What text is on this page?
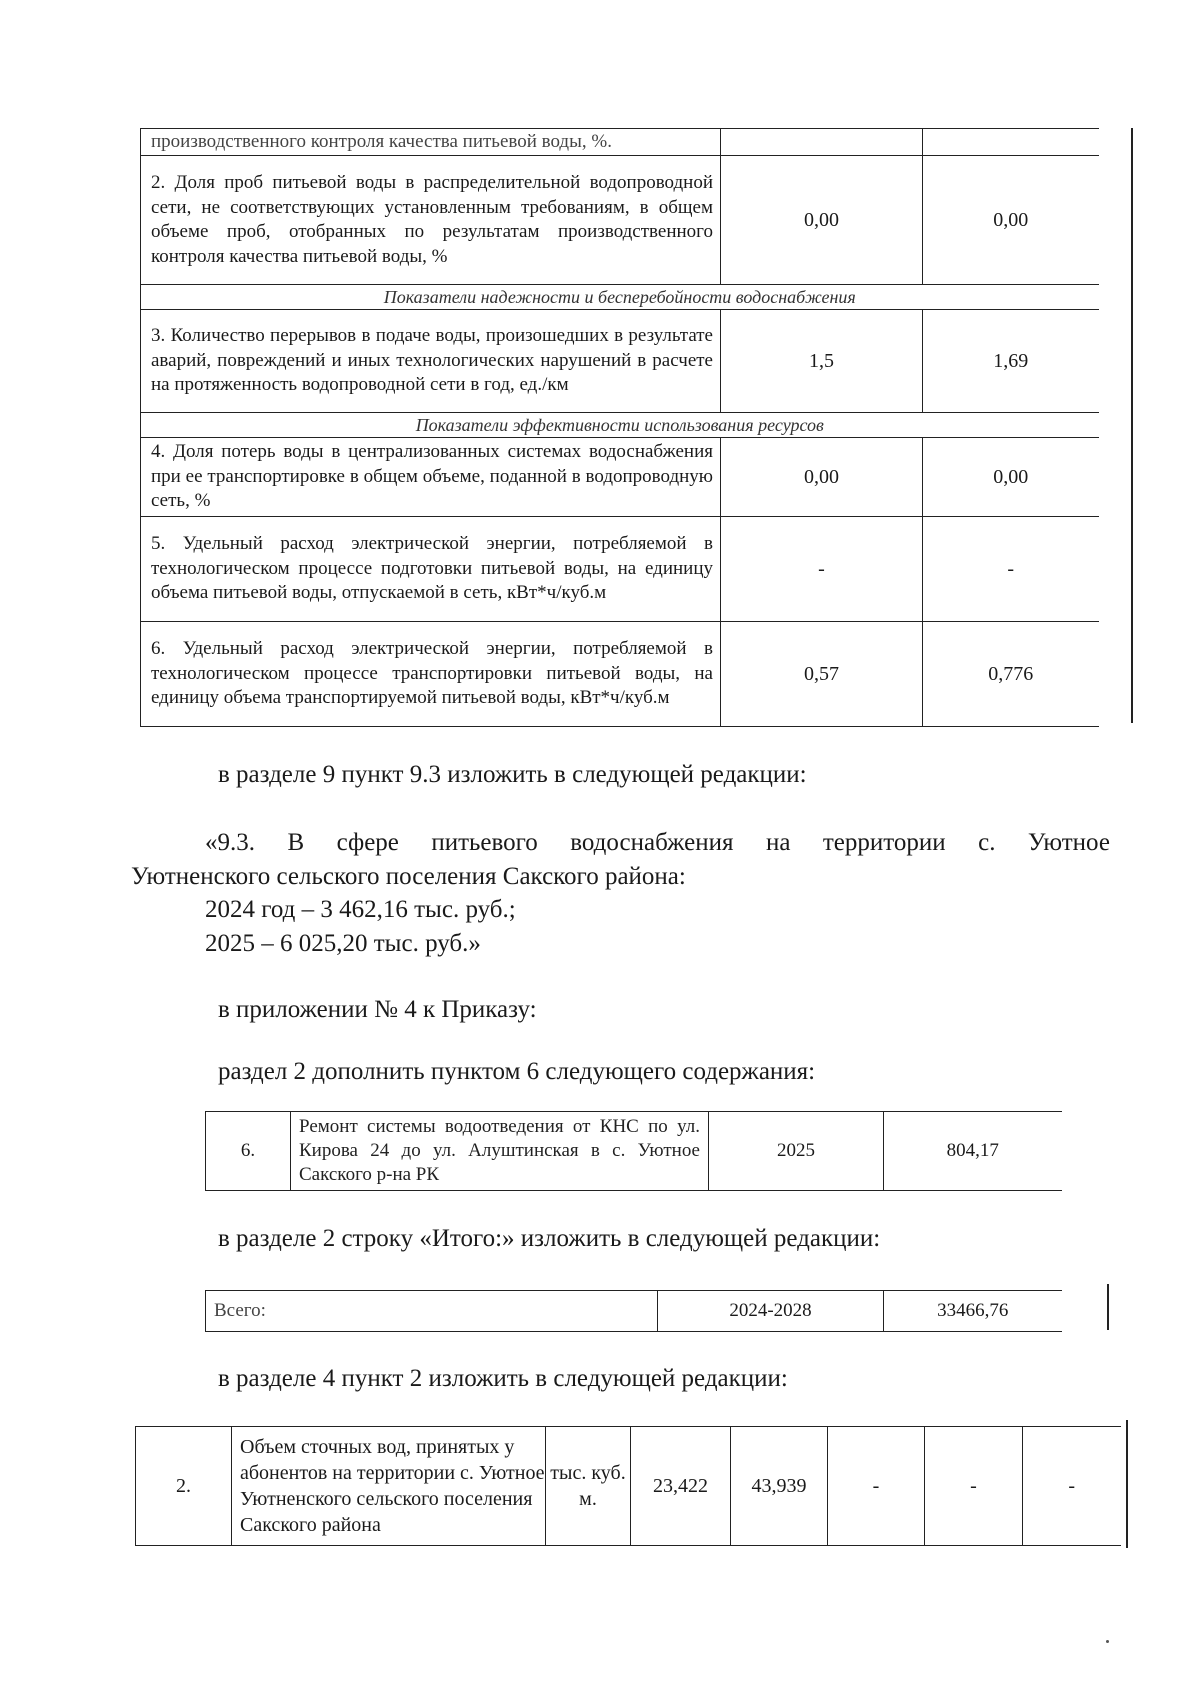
производственного контроля качества питьевой воды, %.		
2. Доля проб питьевой воды в распределительной водопроводной сети, не соответствующих установленным требованиям, в общем объеме проб, отобранных по результатам производственного контроля качества питьевой воды, %	0,00	0,00
Показатели надежности и бесперебойности водоснабжения		
3. Количество перерывов в подаче воды, произошедших в результате аварий, повреждений и иных технологических нарушений в расчете на протяженность водопроводной сети в год, ед./км	1,5	1,69
Показатели эффективности использования ресурсов		
4. Доля потерь воды в централизованных системах водоснабжения при ее транспортировке в общем объеме, поданной в водопроводную сеть, %	0,00	0,00
5. Удельный расход электрической энергии, потребляемой в технологическом процессе подготовки питьевой воды, на единицу объема питьевой воды, отпускаемой в сеть, кВт*ч/куб.м	-	-
6. Удельный расход электрической энергии, потребляемой в технологическом процессе транспортировки питьевой воды, на единицу объема транспортируемой питьевой воды, кВт*ч/куб.м	0,57	0,776
в разделе 9 пункт 9.3 изложить в следующей редакции:
«9.3. В сфере питьевого водоснабжения на территории с. Уютное
Уютненского сельского поселения Сакского района:
2024 год – 3 462,16 тыс. руб.;
2025 – 6 025,20 тыс. руб.»
в приложении № 4 к Приказу:
раздел 2 дополнить пунктом 6 следующего содержания:
6.	Ремонт системы водоотведения от КНС по ул. Кирова 24 до ул. Алуштинская в с. Уютное Сакского р-на РК	2025	804,17
в разделе 2 строку «Итого:» изложить в следующей редакции:
Всего:	2024-2028	33466,76
в разделе 4 пункт 2 изложить в следующей редакции:
2.	Объем сточных вод, принятых у абонентов на территории с. Уютное Уютненского сельского поселения Сакского района	тыс. куб. м.	23,422	43,939	-	-	-
